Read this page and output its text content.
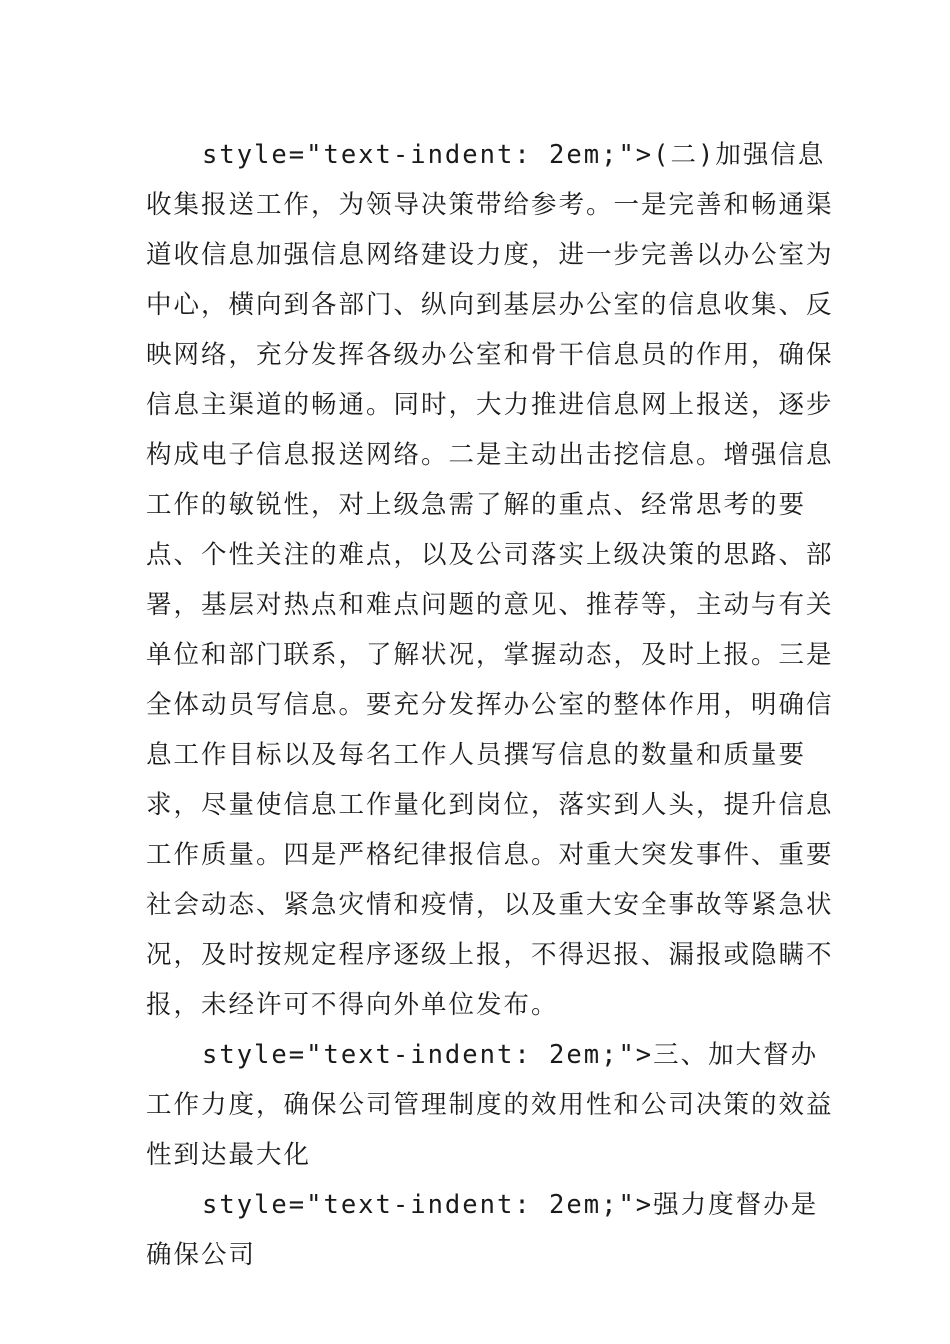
style="text-indent: 2em;">(二)加强信息收集报送工作，为领导决策带给参考。一是完善和畅通渠道收信息加强信息网络建设力度，进一步完善以办公室为中心，横向到各部门、纵向到基层办公室的信息收集、反映网络，充分发挥各级办公室和骨干信息员的作用，确保信息主渠道的畅通。同时，大力推进信息网上报送，逐步构成电子信息报送网络。二是主动出击挖信息。增强信息工作的敏锐性，对上级急需了解的重点、经常思考的要点、个性关注的难点，以及公司落实上级决策的思路、部署，基层对热点和难点问题的意见、推荐等，主动与有关单位和部门联系，了解状况，掌握动态，及时上报。三是全体动员写信息。要充分发挥办公室的整体作用，明确信息工作目标以及每名工作人员撰写信息的数量和质量要求，尽量使信息工作量化到岗位，落实到人头，提升信息工作质量。四是严格纪律报信息。对重大突发事件、重要社会动态、紧急灾情和疫情，以及重大安全事故等紧急状况，及时按规定程序逐级上报，不得迟报、漏报或隐瞒不报，未经许可不得向外单位发布。

style="text-indent: 2em;">三、加大督办工作力度，确保公司管理制度的效用性和公司决策的效益性到达最大化

style="text-indent: 2em;">强力度督办是确保公司
